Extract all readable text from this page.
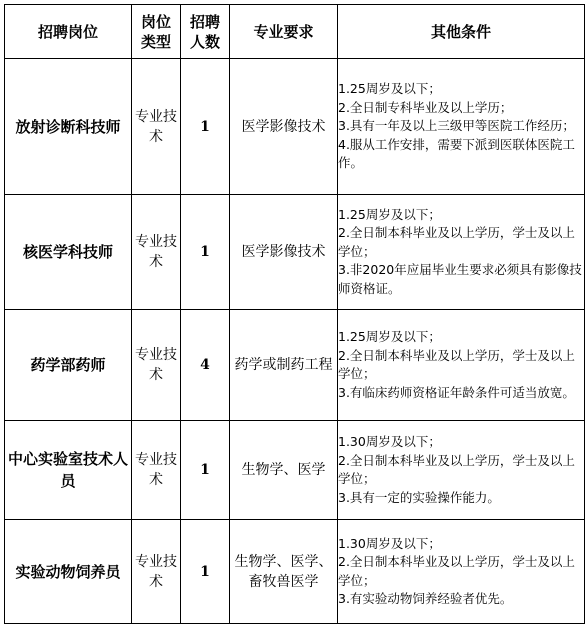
招聘岗位	岗位类型	招聘人数	专业要求	其他条件
放射诊断科技师	专业技术	1	医学影像技术	1.25周岁及以下；
2.全日制专科毕业及以上学历；
3.具有一年及以上三级甲等医院工作经历；
4.服从工作安排，需要下派到医联体医院工作。

核医学科技师	专业技术	1	医学影像技术	1.25周岁及以下；
2.全日制本科毕业及以上学历，学士及以上学位；
3.非2020年应届毕业生要求必须具有影像技师资格证。

药学部药师	专业技术	4	药学或制药工程	1.25周岁及以下；
2.全日制本科毕业及以上学历，学士及以上学位；
3.有临床药师资格证年龄条件可适当放宽。

中心实验室技术人员	专业技术	1	生物学、医学	1.30周岁及以下；
2.全日制本科毕业及以上学历，学士及以上学位；
3.具有一定的实验操作能力。

实验动物饲养员	专业技术	1	生物学、医学、畜牧兽医学	1.30周岁及以下；
2.全日制本科毕业及以上学历，学士及以上学位；
3.有实验动物饲养经验者优先。
